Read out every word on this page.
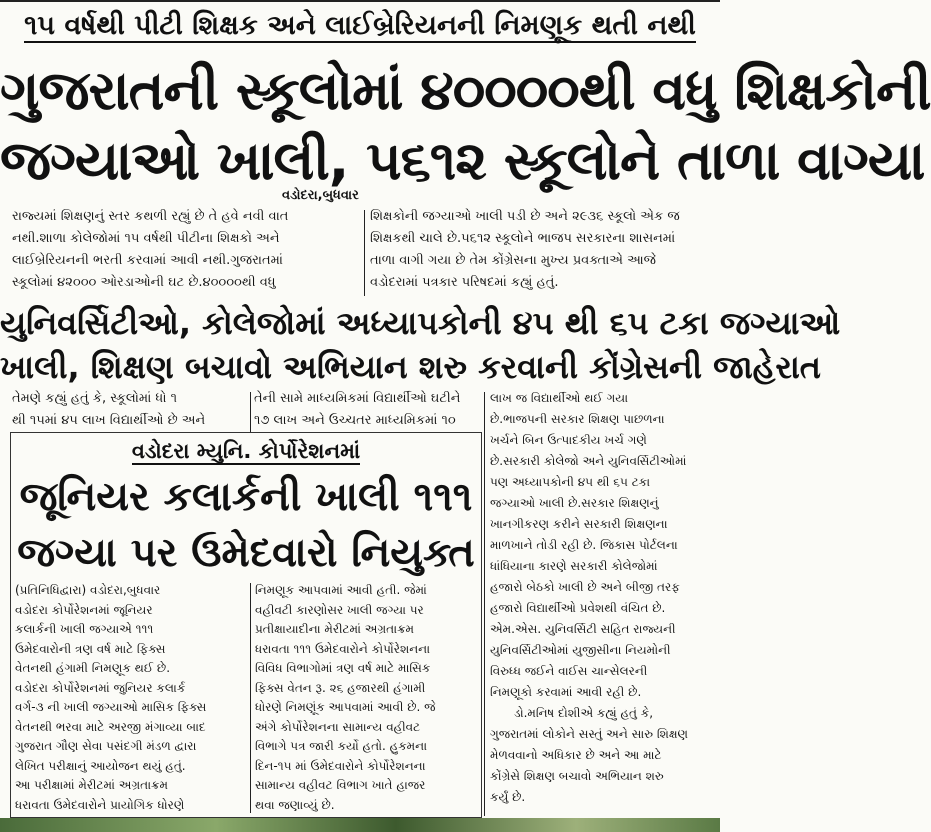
૧૫ વર્ષથી પીટી શિક્ષક અને લાઈબ્રેરિયનની નિમણૂક થતી નથી
ગુજરાતની સ્કૂલોમાં ૪૦૦૦૦થી વધુ શિક્ષકોની
જગ્યાઓ ખાલી, ૫૬૧૨ સ્કૂલોને તાળા વાગ્યા
વડોદરા,બુધવાર

રાજ્યમાં શિક્ષણનું સ્તર કથળી રહ્યું છે તે હવે નવી વાત

નથી.શાળા કોલેજોમાં ૧૫ વર્ષથી પીટીના શિક્ષકો અને

લાઈબ્રેરિયનની ભરતી કરવામાં આવી નથી.ગુજરાતમાં

સ્કૂલોમાં ૪૨૦૦૦ ઓરડાઓની ઘટ છે.૪૦૦૦૦થી વધુ

શિક્ષકોની જગ્યાઓ ખાલી પડી છે અને ૨૯૩૬ સ્કૂલો એક જ

શિક્ષકથી ચાલે છે.૫૬૧૨ સ્કૂલોને ભાજપ સરકારના શાસનમાં

તાળા વાગી ગયા છે તેમ કોંગ્રેસના મુખ્ય પ્રવક્તાએ આજે

વડોદરામાં પત્રકાર પરિષદમાં કહ્યું હતું.

યુનિવર્સિટીઓ, કોલેજોમાં અધ્યાપકોની ૪૫ થી ૬૫ ટકા જગ્યાઓ
ખાલી, શિક્ષણ બચાવો અભિયાન શરુ કરવાની કોંગ્રેસની જાહેરાત

તેમણે કહ્યું હતું કે, સ્કૂલોમાં ધો ૧

થી ૧૫માં ૪૫ લાખ વિદ્યાર્થીઓ છે અને

તેની સામે માધ્યમિકમાં વિદ્યાર્થીઓ ઘટીને

૧૭ લાખ અને ઉચ્ચતર માધ્યમિકમાં ૧૦

લાખ જ વિદ્યાર્થીઓ થઈ ગયા

છે.ભાજપની સરકાર શિક્ષણ પાછળના

ખર્ચને બિન ઉત્પાદકીય ખર્ચ ગણે

છે.સરકારી કોલેજો અને યુનિવર્સિટીઓમાં

પણ અધ્યાપકોની ૪૫ થી ૬૫ ટકા

જગ્યાઓ ખાલી છે.સરકાર શિક્ષણનું

ખાનગીકરણ કરીને સરકારી શિક્ષણના

માળખાને તોડી રહી છે. જિકાસ પોર્ટલના

ધાંધિયાના કારણે સરકારી કોલેજોમાં

હજારો બેઠકો ખાલી છે અને બીજી તરફ

હજારો વિદ્યાર્થીઓ પ્રવેશથી વંચિત છે.

એમ.એસ. યુનિવર્સિટી સહિત રાજ્યની

યુનિવર્સિટીઓમાં યુજીસીના નિયમોની

વિરુધ્ધ જઈને વાઈસ ચાન્સેલરની

નિમણૂકો કરવામાં આવી રહી છે.

ડો.મનિષ દોશીએ કહ્યું હતું કે,

ગુજરાતમાં લોકોને સસ્તું અને સારુ શિક્ષણ

મેળવવાનો અધિકાર છે અને આ માટે

કોંગ્રેસે શિક્ષણ બચાવો અભિયાન શરુ

કર્યું છે.

વડોદરા મ્યુનિ. કોર્પોરેશનમાં
જૂનિયર કલાર્કની ખાલી ૧૧૧
જગ્યા પર ઉમેદવારો નિયુક્ત

(પ્રતિનિધિદ્વારા) વડોદરા,બુધવાર

વડોદરા કોર્પોરેશનમાં જૂનિયર

કલાર્કની ખાલી જગ્યાએ ૧૧૧

ઉમેદવારોની ત્રણ વર્ષ માટે ફિક્સ

વેતનથી હંગામી નિમણૂક થઈ છે.

વડોદરા કોર્પોરેશનમાં જુનિયર કલાર્ક

વર્ગ-૩ ની ખાલી જગ્યાઓ માસિક ફિક્સ

વેતનથી ભરવા માટે અરજી મંગાવ્યા બાદ

ગુજરાત ગૌણ સેવા પસંદગી મંડળ દ્વારા

લેખિત પરીક્ષાનું આયોજન થયું હતું.

આ પરીક્ષામાં મેરીટમાં અગ્રતાક્રમ

ધરાવતા ઉમેદવારોને પ્રાયોગિક ધોરણે

નિમણૂક આપવામાં આવી હતી. જેમાં

વહીવટી કારણોસર ખાલી જગ્યા પર

પ્રતીક્ષાયાદીના મેરીટમાં અગ્રતાક્રમ

ધરાવતા ૧૧૧ ઉમેદવારોને કોર્પોરેશનના

વિવિધ વિભાગોમાં ત્રણ વર્ષ માટે માસિક

ફિક્સ વેતન રૂ. ૨૬ હજારથી હંગામી

ધોરણે નિમણૂંક આપવામાં આવી છે. જે

અંગે કોર્પોરેશનના સામાન્ય વહીવટ

વિભાગે પત્ર જારી કર્યો હતો. હુકમના

દિન-૧૫ માં ઉમેદવારોને કોર્પોરેશનના

સામાન્ય વહીવટ વિભાગ ખાતે હાજર

થવા જણાવ્યું છે.
